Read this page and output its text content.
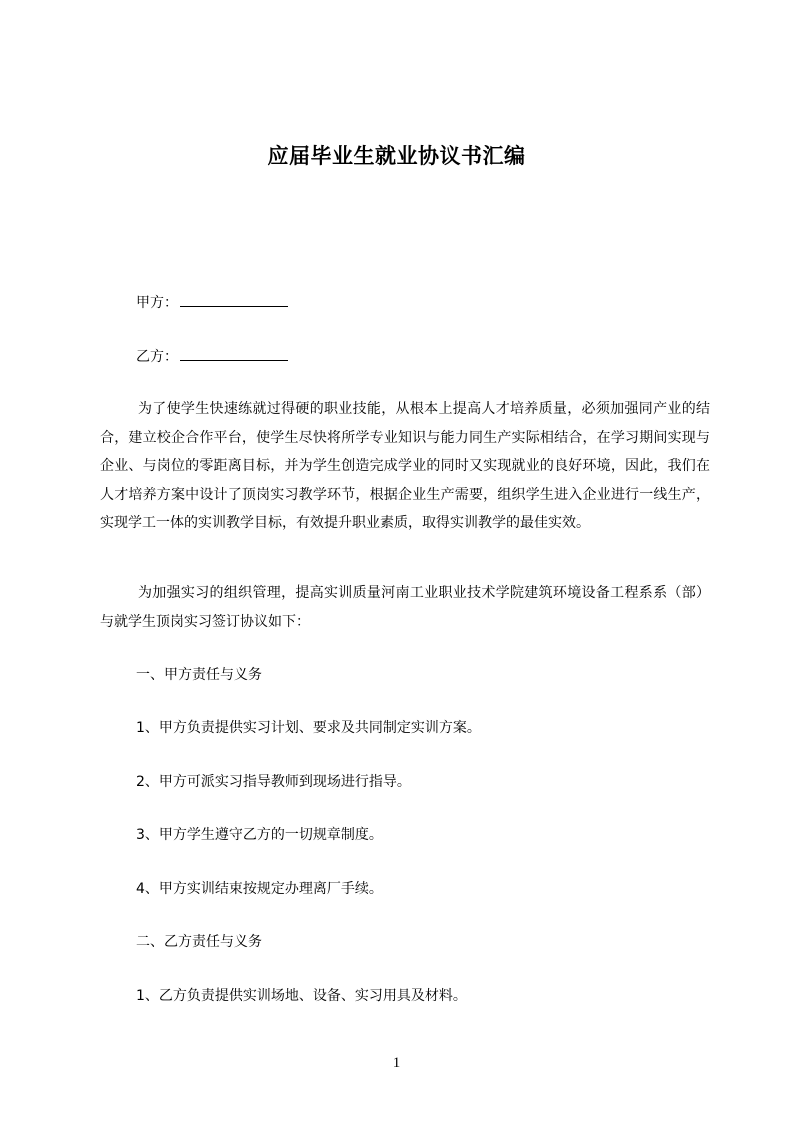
应届毕业生就业协议书汇编
甲方：
乙方：
为了使学生快速练就过得硬的职业技能，从根本上提高人才培养质量，必须加强同产业的结合，建立校企合作平台，使学生尽快将所学专业知识与能力同生产实际相结合，在学习期间实现与企业、与岗位的零距离目标，并为学生创造完成学业的同时又实现就业的良好环境，因此，我们在人才培养方案中设计了顶岗实习教学环节，根据企业生产需要，组织学生进入企业进行一线生产，实现学工一体的实训教学目标，有效提升职业素质，取得实训教学的最佳实效。
为加强实习的组织管理，提高实训质量河南工业职业技术学院建筑环境设备工程系系（部）与就学生顶岗实习签订协议如下：
一、甲方责任与义务
1、甲方负责提供实习计划、要求及共同制定实训方案。
2、甲方可派实习指导教师到现场进行指导。
3、甲方学生遵守乙方的一切规章制度。
4、甲方实训结束按规定办理离厂手续。
二、乙方责任与义务
1、乙方负责提供实训场地、设备、实习用具及材料。
1
